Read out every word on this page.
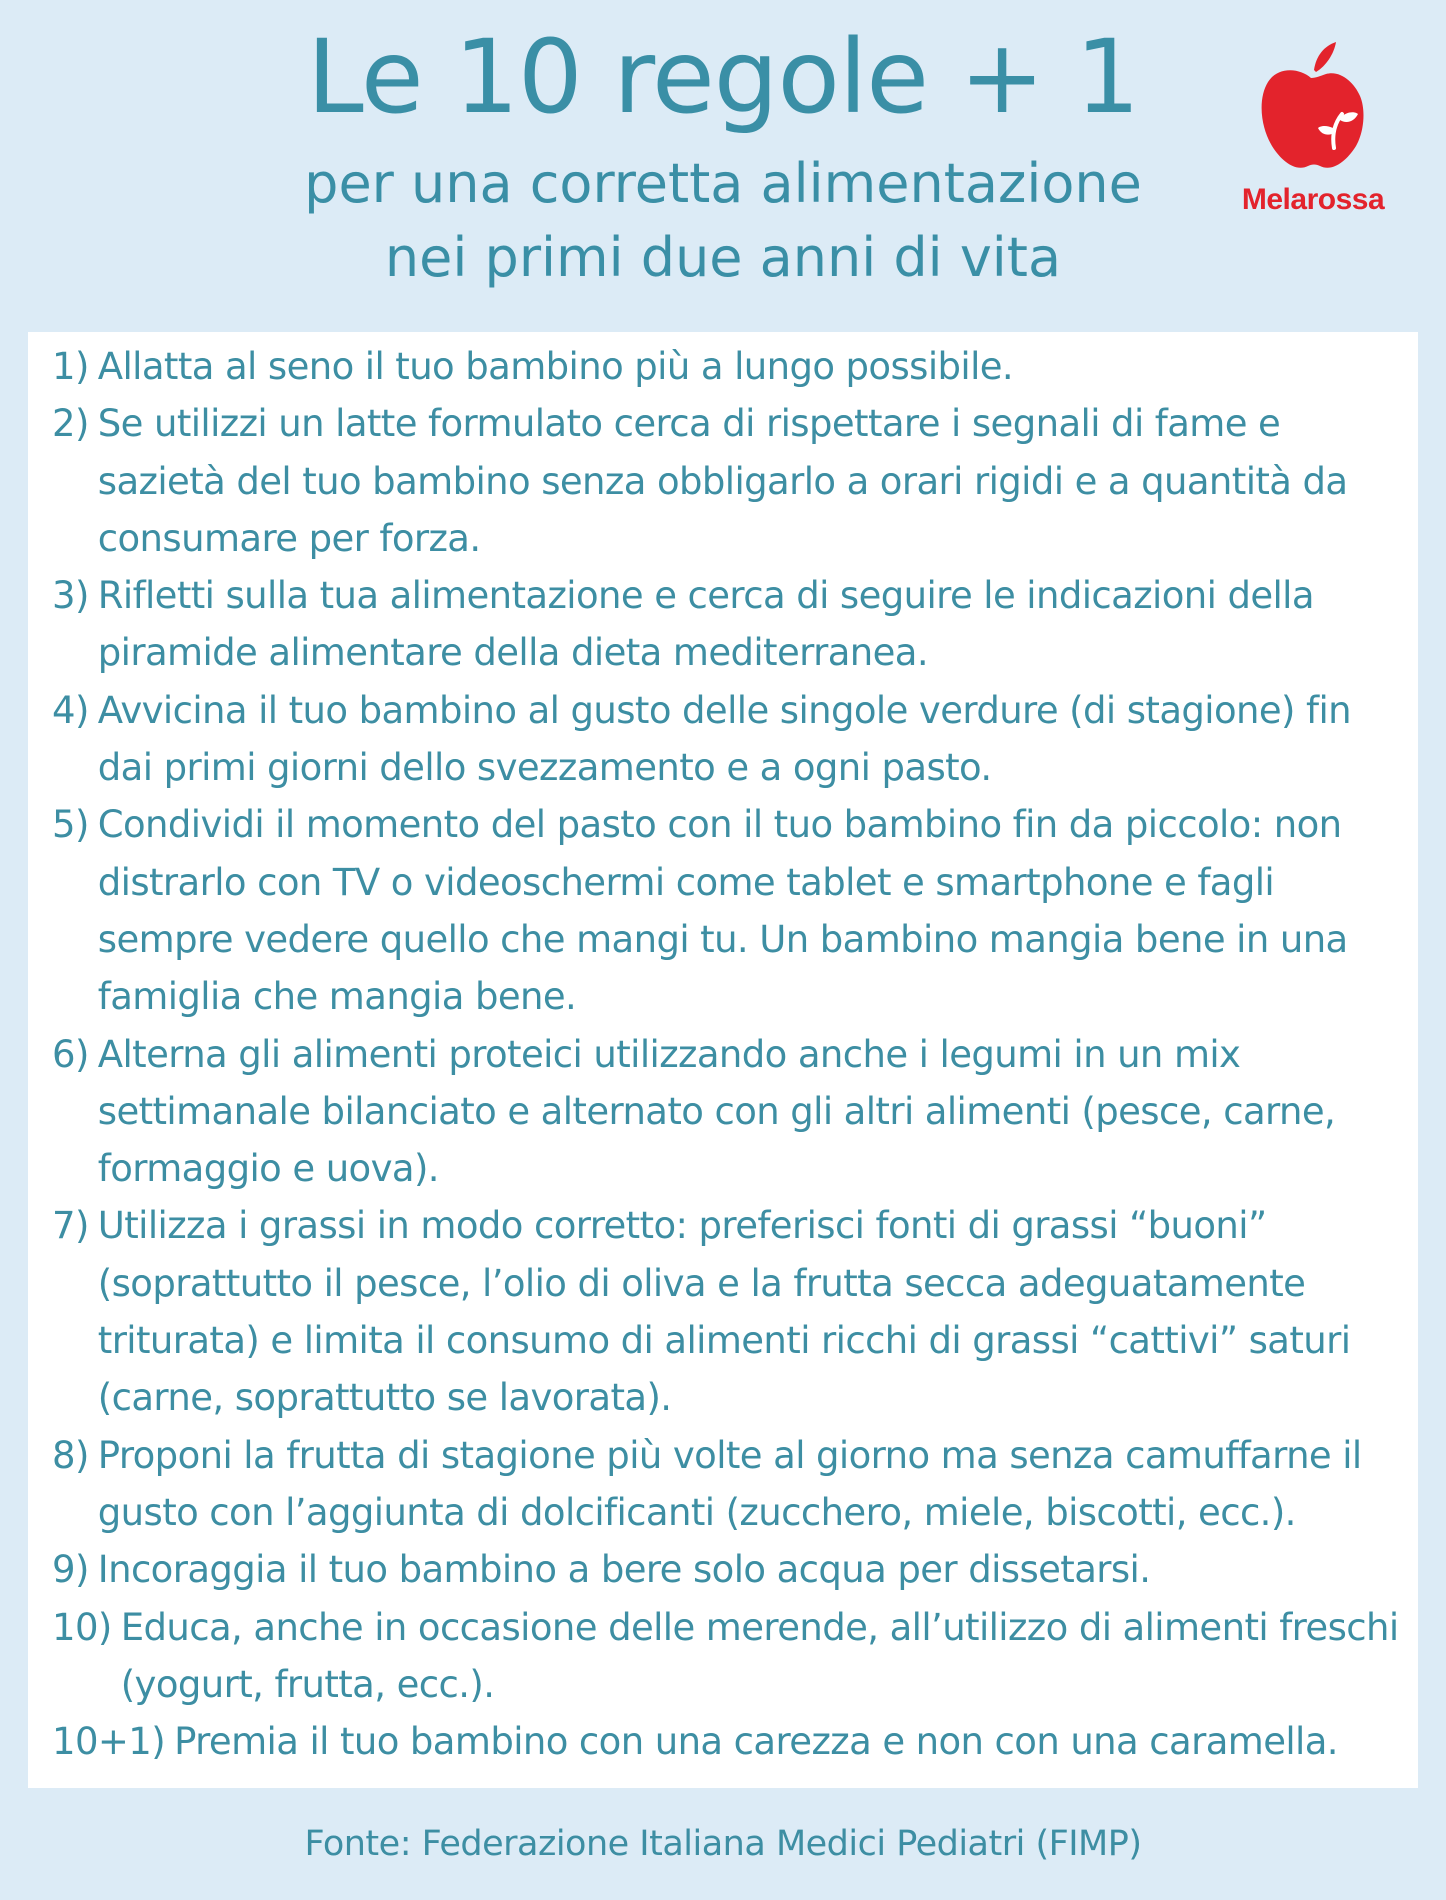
Le 10 regole + 1
per una corretta alimentazione
nei primi due anni di vita
Melarossa
1) Allatta al seno il tuo bambino più a lungo possibile.
2) Se utilizzi un latte formulato cerca di rispettare i segnali di fame e sazietà del tuo bambino senza obbligarlo a orari rigidi e a quantità da consumare per forza.
3) Rifletti sulla tua alimentazione e cerca di seguire le indicazioni della piramide alimentare della dieta mediterranea.
4) Avvicina il tuo bambino al gusto delle singole verdure (di stagione) fin dai primi giorni dello svezzamento e a ogni pasto.
5) Condividi il momento del pasto con il tuo bambino fin da piccolo: non distrarlo con TV o videoschermi come tablet e smartphone e fagli sempre vedere quello che mangi tu. Un bambino mangia bene in una famiglia che mangia bene.
6) Alterna gli alimenti proteici utilizzando anche i legumi in un mix settimanale bilanciato e alternato con gli altri alimenti (pesce, carne, formaggio e uova).
7) Utilizza i grassi in modo corretto: preferisci fonti di grassi “buoni” (soprattutto il pesce, l’olio di oliva e la frutta secca adeguatamente triturata) e limita il consumo di alimenti ricchi di grassi “cattivi” saturi (carne, soprattutto se lavorata).
8) Proponi la frutta di stagione più volte al giorno ma senza camuffarne il gusto con l’aggiunta di dolcificanti (zucchero, miele, biscotti, ecc.).
9) Incoraggia il tuo bambino a bere solo acqua per dissetarsi.
10) Educa, anche in occasione delle merende, all’utilizzo di alimenti freschi (yogurt, frutta, ecc.).
10+1) Premia il tuo bambino con una carezza e non con una caramella.
Fonte: Federazione Italiana Medici Pediatri (FIMP)
